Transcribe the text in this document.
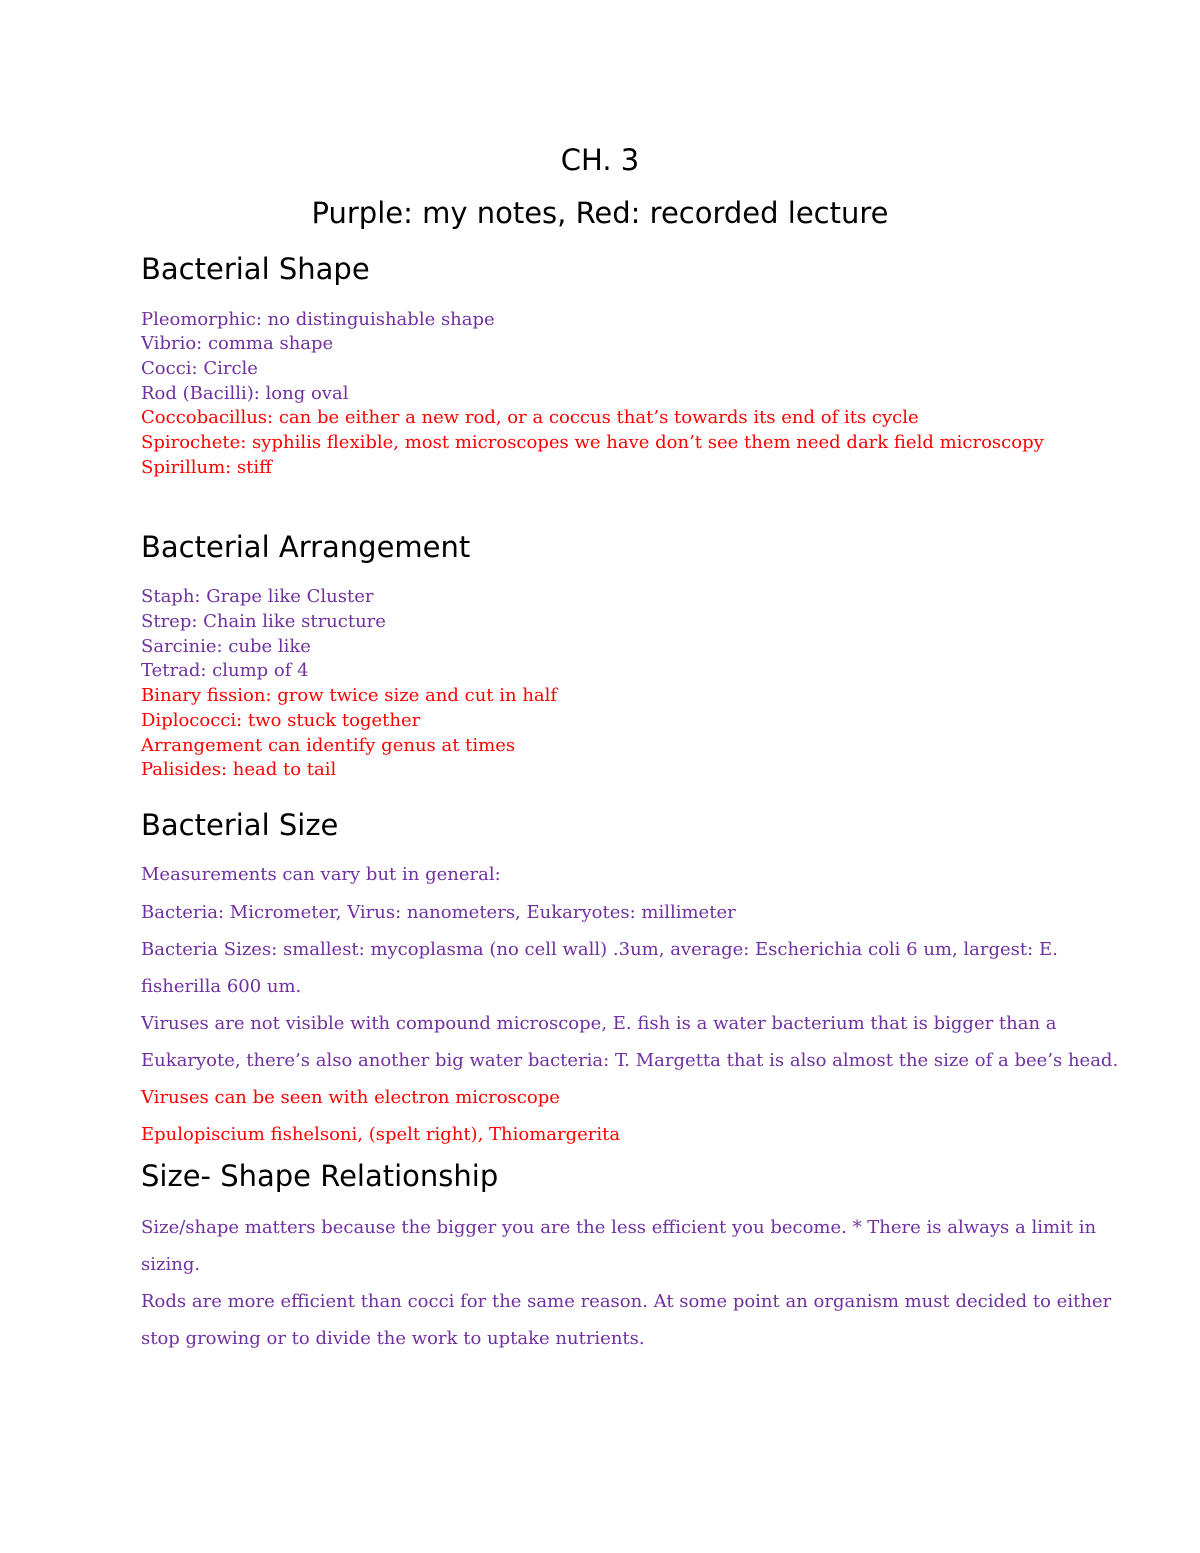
CH. 3
Purple: my notes, Red: recorded lecture
Bacterial Shape
Pleomorphic: no distinguishable shape
Vibrio: comma shape
Cocci: Circle
Rod (Bacilli): long oval
Coccobacillus: can be either a new rod, or a coccus that’s towards its end of its cycle
Spirochete: syphilis flexible, most microscopes we have don’t see them need dark field microscopy
Spirillum: stiff
Bacterial Arrangement
Staph: Grape like Cluster
Strep: Chain like structure
Sarcinie: cube like
Tetrad: clump of 4
Binary fission: grow twice size and cut in half
Diplococci: two stuck together
Arrangement can identify genus at times
Palisides: head to tail
Bacterial Size
Measurements can vary but in general:
Bacteria: Micrometer, Virus: nanometers, Eukaryotes: millimeter
Bacteria Sizes: smallest: mycoplasma (no cell wall) .3um, average: Escherichia coli 6 um, largest: E.
fisherilla 600 um.
Viruses are not visible with compound microscope, E. fish is a water bacterium that is bigger than a
Eukaryote, there’s also another big water bacteria: T. Margetta that is also almost the size of a bee’s head.
Viruses can be seen with electron microscope
Epulopiscium fishelsoni, (spelt right), Thiomargerita
Size- Shape Relationship
Size/shape matters because the bigger you are the less efficient you become. * There is always a limit in
sizing.
Rods are more efficient than cocci for the same reason. At some point an organism must decided to either
stop growing or to divide the work to uptake nutrients.
